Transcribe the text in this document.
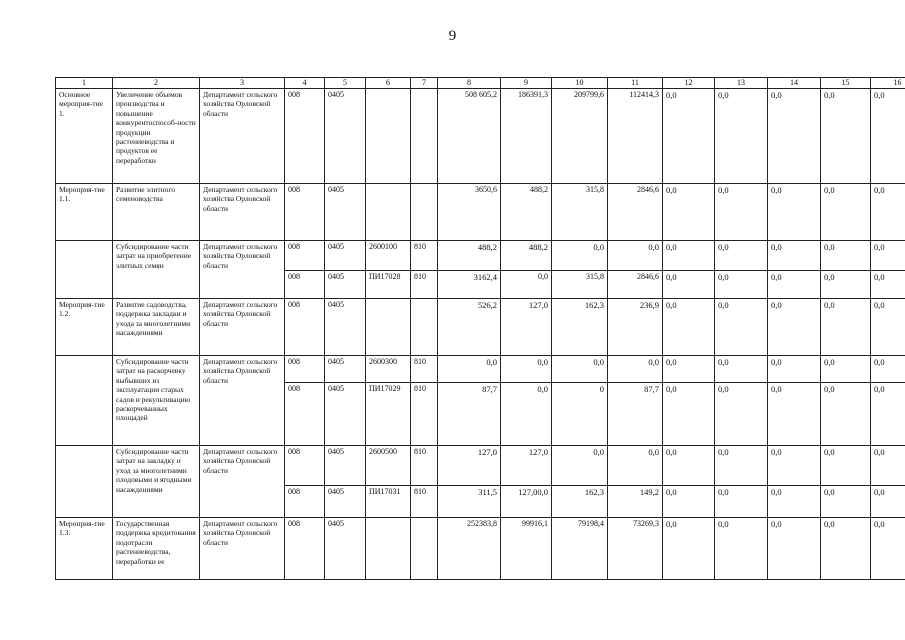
9
1	2	3	4	5	6	7	8	9	10	11	12	13	14	15	16
Основное мероприя-тие 1.	Увеличение объемов производства и повышение конкурентоспособ-ности продукции растениеводства и продуктов ее переработки	Департамент сельского хозяйства Орловской области	008	0405			508 605,2	186391,3	209799,6	112414,3	0,0	0,0	0,0	0,0	0,0
Мероприя-тие 1.1.	Развитие элитного семеноводства	Департамент сельского хозяйства Орловской области	008	0405			3650,6	488,2	315,8	2846,6	0,0	0,0	0,0	0,0	0,0
	Субсидирование части затрат на приобретение элитных семян	Департамент сельского хозяйства Орловской области	008	0405	2600100	810	488,2	488,2	0,0	0,0	0,0	0,0	0,0	0,0	0,0
			008	0405	ПИ17028	810	3162,4	0,0	315,8	2846,6	0,0	0,0	0,0	0,0	0,0
Мероприя-тие 1.2.	Развитие садоводства, поддержка закладки и ухода за многолетними насаждениями	Департамент сельского хозяйства Орловской области	008	0405			526,2	127,0	162,3	236,9	0,0	0,0	0,0	0,0	0,0
	Субсидирование части затрат на раскорчевку выбывших из эксплуатации старых садов и рекультивацию раскорчеванных площадей	Департамент сельского хозяйства Орловской области	008	0405	2600300	810	0,0	0,0	0,0	0,0	0,0	0,0	0,0	0,0	0,0
			008	0405	ПИ17029	810	87,7	0,0	0	87,7	0,0	0,0	0,0	0,0	0,0
	Субсидирование части затрат на закладку и уход за многолетними плодовыми и ягодными насаждениями	Департамент сельского хозяйства Орловской области	008	0405	2600500	810	127,0	127,0	0,0	0,0	0,0	0,0	0,0	0,0	0,0
			008	0405	ПИ17031	810	311,5	127,00,0	162,3	149,2	0,0	0,0	0,0	0,0	0,0
Мероприя-тие 1.3.	Государственная поддержка кредитования подотрасли растениеводства, переработки ее	Департамент сельского хозяйства Орловской области	008	0405			252383,8	99916,1	79198,4	73269,3	0,0	0,0	0,0	0,0	0,0
